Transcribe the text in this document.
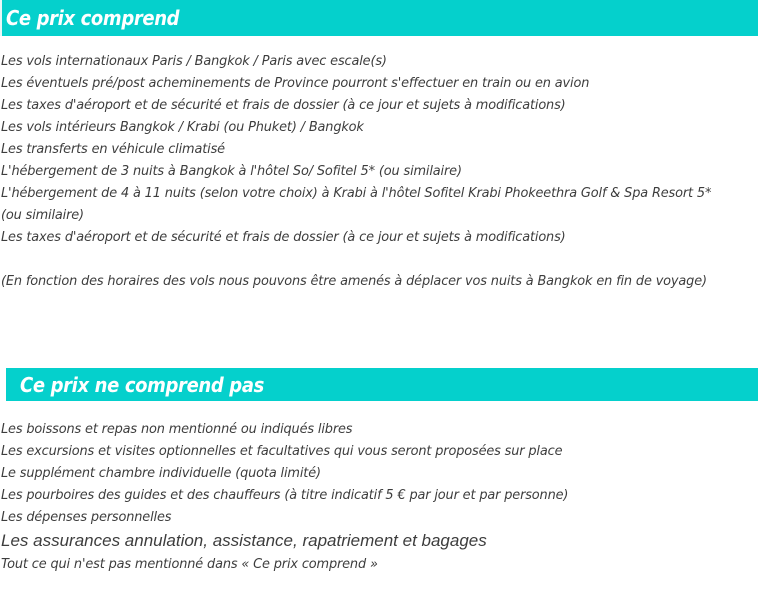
Ce prix comprend
Les vols internationaux Paris / Bangkok / Paris avec escale(s)
Les éventuels pré/post acheminements de Province pourront s'effectuer en train ou en avion
Les taxes d'aéroport et de sécurité et frais de dossier (à ce jour et sujets à modifications)
Les vols intérieurs Bangkok / Krabi (ou Phuket) / Bangkok
Les transferts en véhicule climatisé
L'hébergement de 3 nuits à Bangkok à l'hôtel So/ Sofitel 5* (ou similaire)
L'hébergement de 4 à 11 nuits (selon votre choix) à Krabi à l'hôtel Sofitel Krabi Phokeethra Golf & Spa Resort 5* (ou similaire)
Les taxes d'aéroport et de sécurité et frais de dossier (à ce jour et sujets à modifications)
(En fonction des horaires des vols nous pouvons être amenés à déplacer vos nuits à Bangkok en fin de voyage)
Ce prix ne comprend pas
Les boissons et repas non mentionné ou indiqués libres
Les excursions et visites optionnelles et facultatives qui vous seront proposées sur place
Le supplément chambre individuelle (quota limité)
Les pourboires des guides et des chauffeurs (à titre indicatif 5 € par jour et par personne)
Les dépenses personnelles
Les assurances annulation, assistance, rapatriement et bagages
Tout ce qui n'est pas mentionné dans « Ce prix comprend »
